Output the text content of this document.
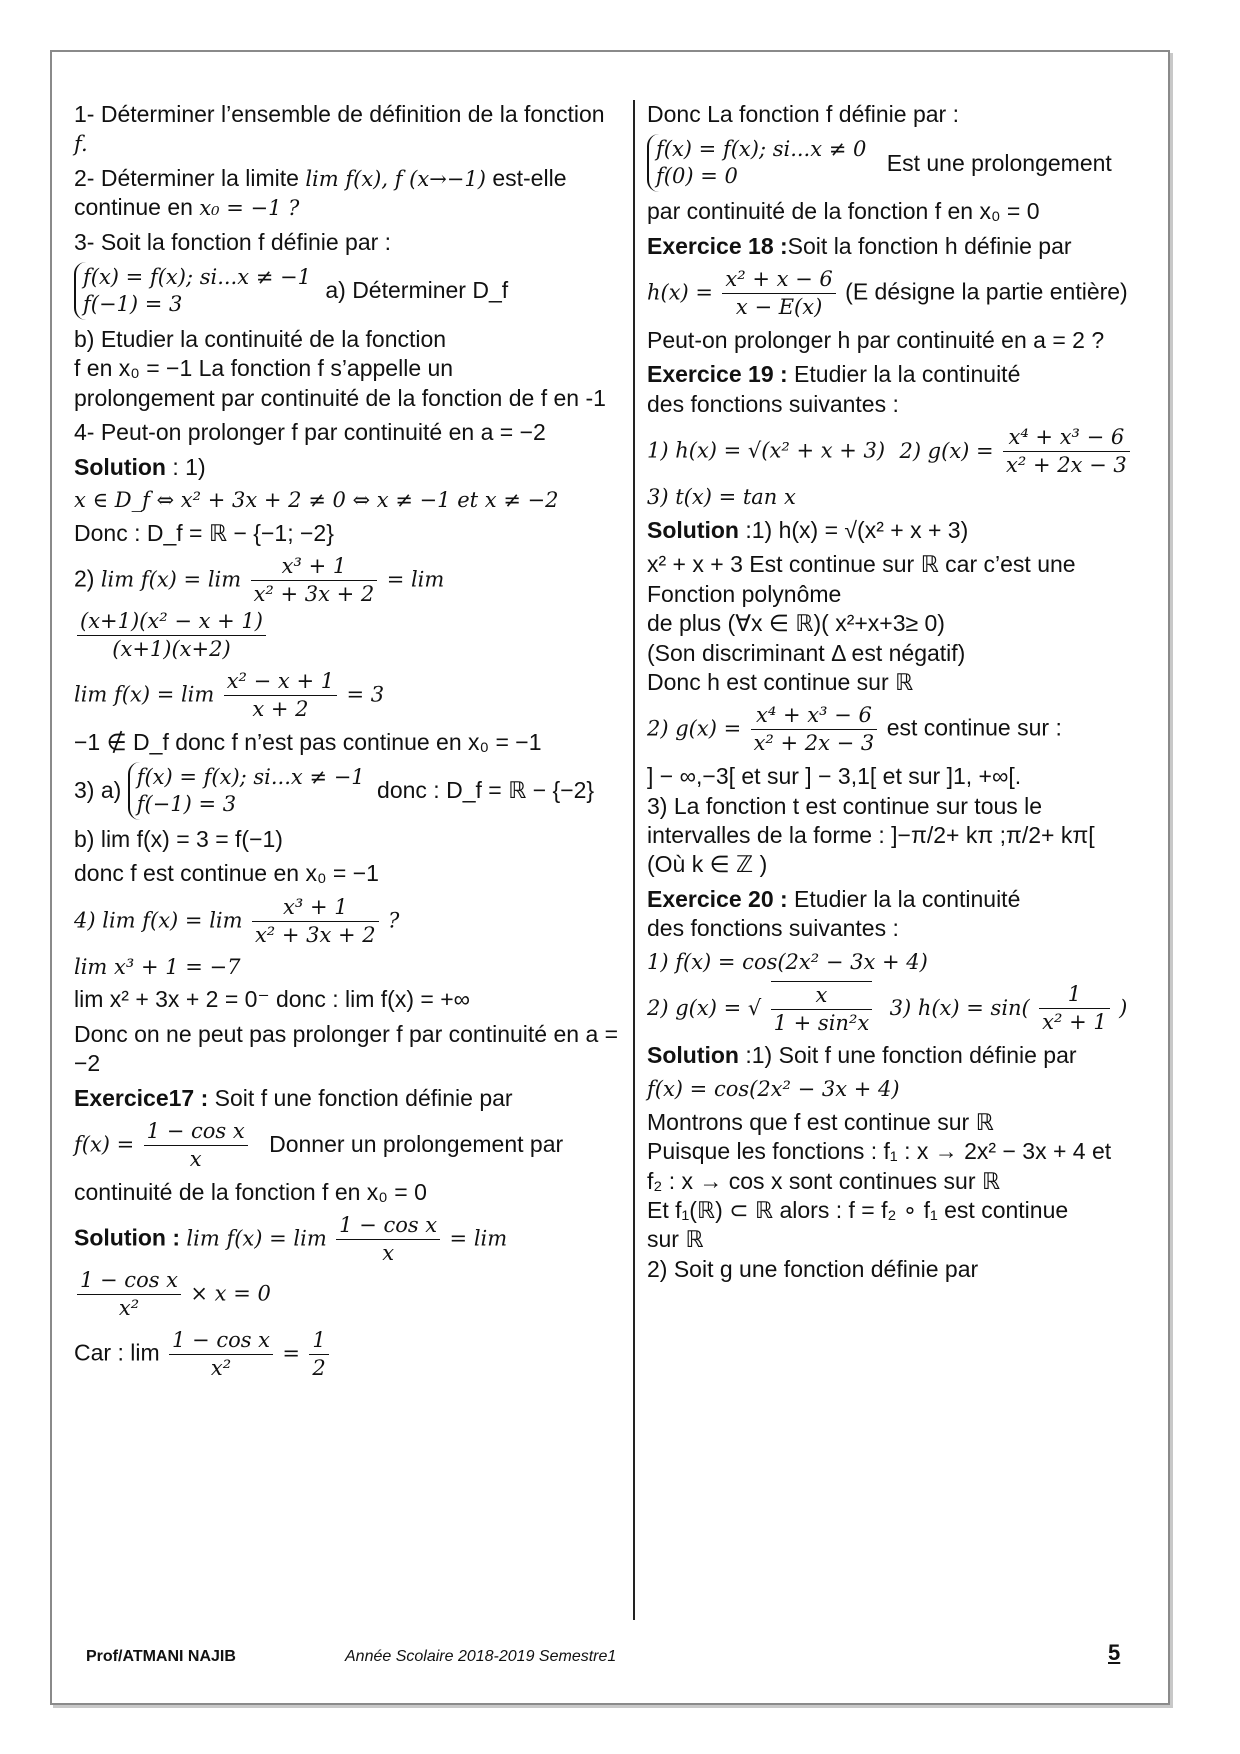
1- Déterminer l’ensemble de définition de la fonction f.

2- Déterminer la limite lim f(x), f (x→−1) est-elle continue en x₀ = −1 ?

3- Soit la fonction f définie par :

f(x) = f(x); si...x ≠ −1
f(−1) = 3
a) Déterminer D_f

b) Etudier la continuité de la fonction
f en x₀ = −1 La fonction f s’appelle un
prolongement par continuité de la fonction de f en -1

4- Peut-on prolonger f par continuité en a = −2

Solution : 1)

x ∈ D_f ⇔ x² + 3x + 2 ≠ 0 ⇔ x ≠ −1 et x ≠ −2

Donc : D_f = ℝ − {−1; −2}

2) $\lim f(x) = \lim \frac{\text{x³ + 1}}{\text{x² + 3x + 2}} = \lim$
$\frac{\text{(x+1)(x² − x + 1)}}{(x+1)(x+2)}$

$\lim f(x) = \lim \frac{\text{x² − x + 1}}{x + 2} = 3$

−1 ∉ D_f donc f n’est pas continue en x₀ = −1

3) a)
f(x) = f(x); si...x ≠ −1
f(−1) = 3
donc : D_f = ℝ − {−2}

b) lim f(x) = 3 = f(−1)

donc f est continue en x₀ = −1

4) $\lim f(x) = \lim \frac{\text{x³ + 1}}{\text{x² + 3x + 2}}$ ?

lim x³ + 1 = −7

lim x² + 3x + 2 = 0⁻ donc : lim f(x) = +∞

Donc on ne peut pas prolonger f par continuité en a = −2

Exercice17 : Soit f une fonction définie par

$f(x) = \frac{\text{1 − cos x}}{x}$ Donner un prolongement par

continuité de la fonction f en x₀ = 0

Solution : $\lim f(x) = \lim \frac{\text{1 − cos x}}{x} = \lim$
$\frac{\text{1 − cos x}}{\text{x²}} \times x = 0$

Car : $\lim \frac{\text{1 − cos x}}{\text{x²}} = \frac{1}{2}$

Donc La fonction f définie par :

f(x) = f(x); si...x ≠ 0
f(0) = 0
Est une prolongement

par continuité de la fonction f en x₀ = 0

Exercice 18 :Soit la fonction h définie par

$h(x) = \frac{\text{x² + x − 6}}{x - E(x)} (E$ désigne la partie entière)

Peut-on prolonger h par continuité en a = 2 ?

Exercice 19 : Etudier la la continuité
des fonctions suivantes :

1) h(x) = √(x² + x + 3) 2) $g(x) = \frac{\text{x⁴ + x³ − 6}}{\text{x² + 2x − 3}}$

3) t(x) = tan x

Solution :1) h(x) = √(x² + x + 3)

x² + x + 3 Est continue sur ℝ car c’est une
Fonction polynôme
de plus (∀x ∈ ℝ)( x²+x+3≥ 0)
(Son discriminant Δ est négatif)
Donc h est continue sur ℝ

2) $g(x) = \frac{\text{x⁴ + x³ − 6}}{\text{x² + 2x − 3}}$ est continue sur :

] − ∞,−3[ et sur ] − 3,1[ et sur ]1, +∞[.
3) La fonction t est continue sur tous le
intervalles de la forme : ]−π/2+ kπ ;π/2+ kπ[
(Où k ∈ ℤ )

Exercice 20 : Etudier la la continuité
des fonctions suivantes :

1) f(x) = cos(2x² − 3x + 4)

2) g(x) = √ $\frac{x}{\text{1 + sin²x}} 3$) $h(x) = \sin( \frac{1}{\text{x² + 1}}$ )

Solution :1) Soit f une fonction définie par

f(x) = cos(2x² − 3x + 4)

Montrons que f est continue sur ℝ
Puisque les fonctions : f₁ : x → 2x² − 3x + 4 et
f₂ : x → cos x sont continues sur ℝ
Et f₁(ℝ) ⊂ ℝ alors : f = f₂ ∘ f₁ est continue
sur ℝ
2) Soit g une fonction définie par

Prof/ATMANI NAJIB	Année Scolaire 2018-2019 Semestre1	5
